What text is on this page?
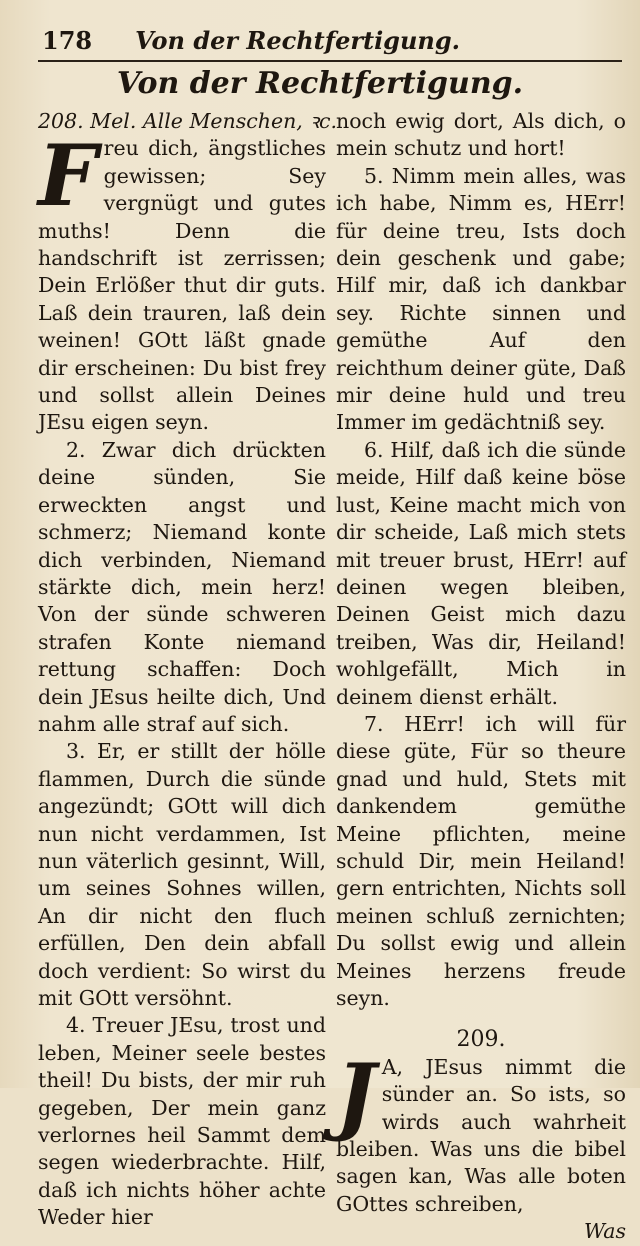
178 Von der Rechtfertigung.
Von der Rechtfertigung.
208. Mel. Alle Menschen, ꝛc.
F reu dich, ängstliches gewissen; Sey vergnügt und gutes muths! Denn die handschrift ist zerrissen; Dein Erlößer thut dir guts. Laß dein trauren, laß dein weinen! GOtt läßt gnade dir erscheinen: Du bist frey und sollst allein Deines JEsu eigen seyn.
2. Zwar dich drückten deine sünden, Sie erweckten angst und schmerz; Niemand konte dich verbinden, Niemand stärkte dich, mein herz! Von der sünde schweren strafen Konte niemand rettung schaffen: Doch dein JEsus heilte dich, Und nahm alle straf auf sich.
3. Er, er stillt der hölle flammen, Durch die sünde angezündt; GOtt will dich nun nicht verdammen, Ist nun väterlich gesinnt, Will, um seines Sohnes willen, An dir nicht den fluch erfüllen, Den dein abfall doch verdient: So wirst du mit GOtt versöhnt.
4. Treuer JEsu, trost und leben, Meiner seele bestes theil! Du bists, der mir ruh gegeben, Der mein ganz verlornes heil Sammt dem segen wiederbrachte. Hilf, daß ich nichts höher achte Weder hier
noch ewig dort, Als dich, o mein schutz und hort!
5. Nimm mein alles, was ich habe, Nimm es, HErr! für deine treu, Ists doch dein geschenk und gabe; Hilf mir, daß ich dankbar sey. Richte sinnen und gemüthe Auf den reichthum deiner güte, Daß mir deine huld und treu Immer im gedächtniß sey.
6. Hilf, daß ich die sünde meide, Hilf daß keine böse lust, Keine macht mich von dir scheide, Laß mich stets mit treuer brust, HErr! auf deinen wegen bleiben, Deinen Geist mich dazu treiben, Was dir, Heiland! wohlgefällt, Mich in deinem dienst erhält.
7. HErr! ich will für diese güte, Für so theure gnad und huld, Stets mit dankendem gemüthe Meine pflichten, meine schuld Dir, mein Heiland! gern entrichten, Nichts soll meinen schluß zernichten; Du sollst ewig und allein Meines herzens freude seyn.
209.
J A, JEsus nimmt die sünder an. So ists, so wirds auch wahrheit bleiben. Was uns die bibel sagen kan, Was alle boten GOttes schreiben,
Was
